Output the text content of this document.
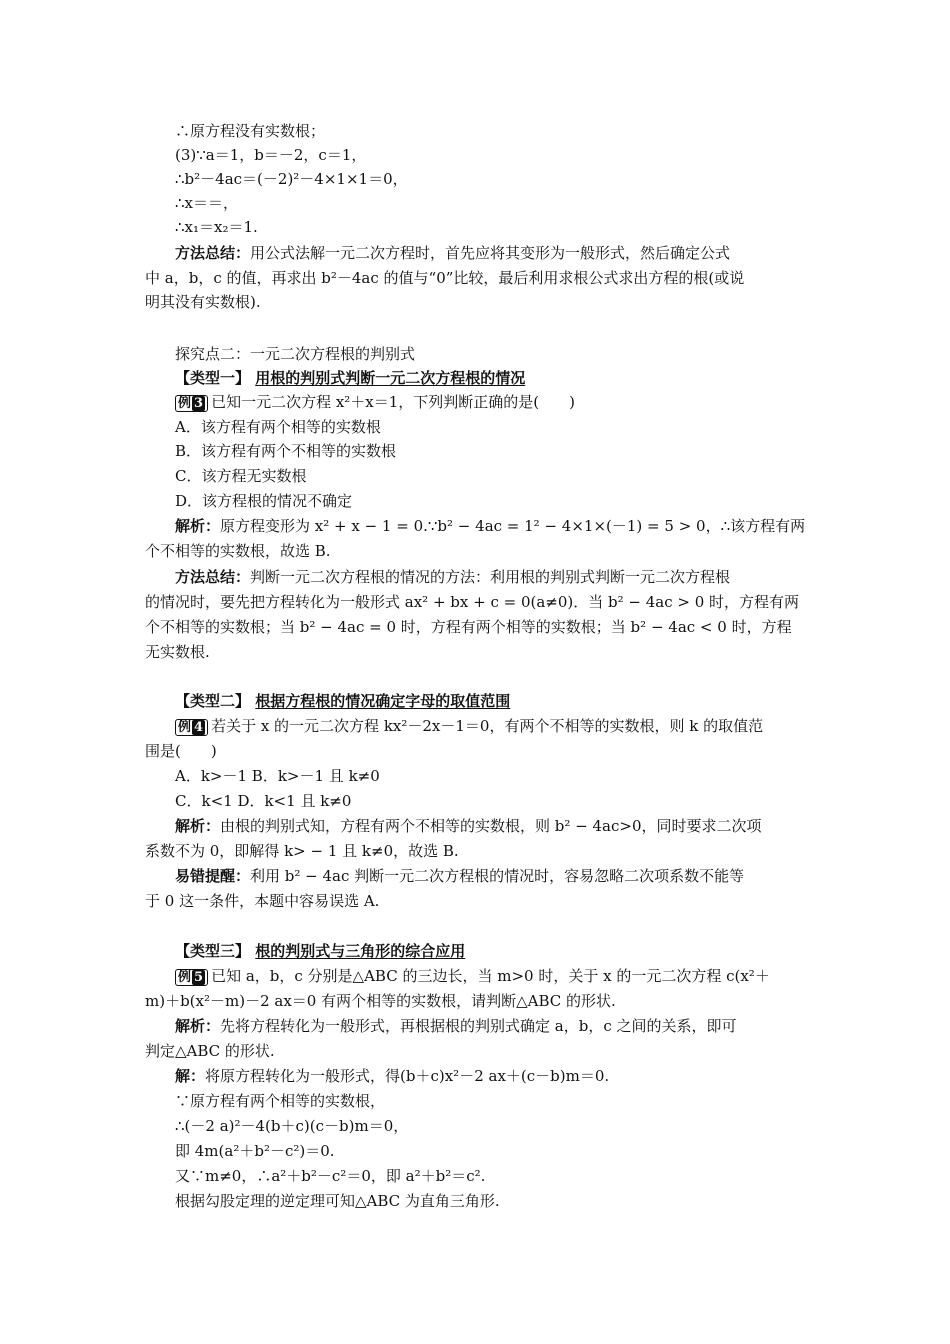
∴原方程没有实数根；
(3)∵a＝1，b＝－2，c＝1，
∴b²－4ac＝(－2)²－4×1×1＝0，
∴x＝＝，
∴x₁＝x₂＝1.
方法总结：用公式法解一元二次方程时，首先应将其变形为一般形式，然后确定公式
中 a，b，c 的值，再求出 b²－4ac 的值与“0”比较，最后利用求根公式求出方程的根(或说
明其没有实数根).
探究点二：一元二次方程根的判别式
【类型一】 用根的判别式判断一元二次方程根的情况
例 3 已知一元二次方程 x²＋x＝1，下列判断正确的是(　　)
A．该方程有两个相等的实数根
B．该方程有两个不相等的实数根
C．该方程无实数根
D．该方程根的情况不确定
解析：原方程变形为 x² + x − 1 = 0.∵b² − 4ac = 1² − 4×1×(－1) = 5 > 0，∴该方程有两
个不相等的实数根，故选 B.
方法总结：判断一元二次方程根的情况的方法：利用根的判别式判断一元二次方程根
的情况时，要先把方程转化为一般形式 ax² + bx + c = 0(a≠0)．当 b² − 4ac > 0 时，方程有两
个不相等的实数根；当 b² − 4ac = 0 时，方程有两个相等的实数根；当 b² − 4ac < 0 时，方程
无实数根.
【类型二】 根据方程根的情况确定字母的取值范围
例 4 若关于 x 的一元二次方程 kx²－2x－1＝0，有两个不相等的实数根，则 k 的取值范
围是(　　)
A．k>－1 B．k>－1 且 k≠0
C．k<1 D．k<1 且 k≠0
解析：由根的判别式知，方程有两个不相等的实数根，则 b² − 4ac>0，同时要求二次项
系数不为 0，即解得 k> − 1 且 k≠0，故选 B.
易错提醒：利用 b² − 4ac 判断一元二次方程根的情况时，容易忽略二次项系数不能等
于 0 这一条件，本题中容易误选 A.
【类型三】 根的判别式与三角形的综合应用
例 5 已知 a，b，c 分别是△ABC 的三边长，当 m>0 时，关于 x 的一元二次方程 c(x²＋
m)＋b(x²－m)－2 ax＝0 有两个相等的实数根，请判断△ABC 的形状.
解析：先将方程转化为一般形式，再根据根的判别式确定 a，b，c 之间的关系，即可
判定△ABC 的形状.
解：将原方程转化为一般形式，得(b＋c)x²－2 ax＋(c－b)m＝0.
∵原方程有两个相等的实数根，
∴(－2 a)²－4(b＋c)(c－b)m＝0，
即 4m(a²＋b²－c²)＝0.
又∵m≠0，∴a²＋b²－c²＝0，即 a²＋b²＝c².
根据勾股定理的逆定理可知△ABC 为直角三角形.
